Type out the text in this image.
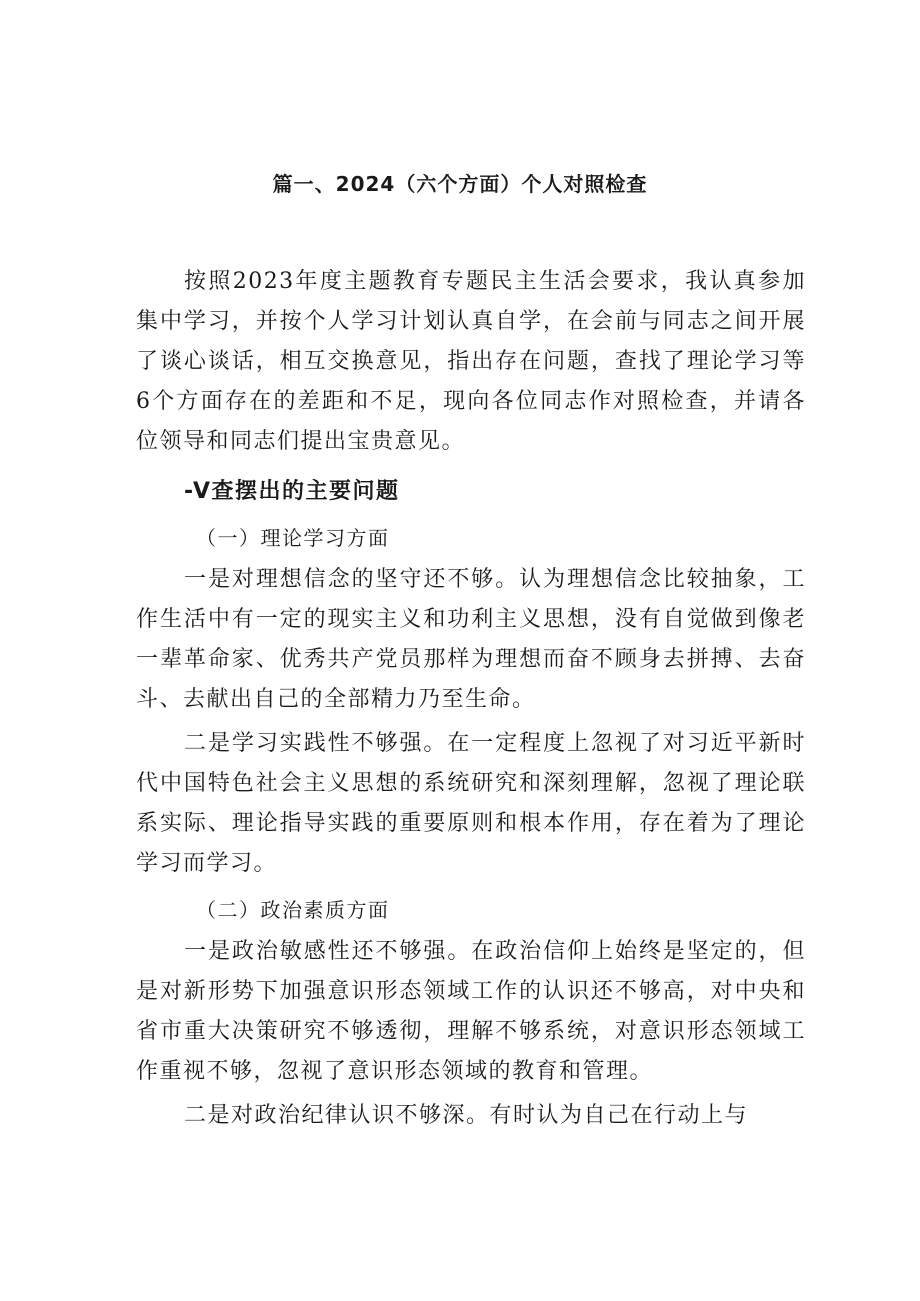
篇一、2024（六个方面）个人对照检查

按照2023年度主题教育专题民主生活会要求，我认真参加集中学习，并按个人学习计划认真自学，在会前与同志之间开展了谈心谈话，相互交换意见，指出存在问题，查找了理论学习等6个方面存在的差距和不足，现向各位同志作对照检查，并请各位领导和同志们提出宝贵意见。

-V查摆出的主要问题

（一）理论学习方面

一是对理想信念的坚守还不够。认为理想信念比较抽象，工作生活中有一定的现实主义和功利主义思想，没有自觉做到像老一辈革命家、优秀共产党员那样为理想而奋不顾身去拼搏、去奋斗、去献出自己的全部精力乃至生命。

二是学习实践性不够强。在一定程度上忽视了对习近平新时代中国特色社会主义思想的系统研究和深刻理解，忽视了理论联系实际、理论指导实践的重要原则和根本作用，存在着为了理论学习而学习。

（二）政治素质方面

一是政治敏感性还不够强。在政治信仰上始终是坚定的，但是对新形势下加强意识形态领域工作的认识还不够高，对中央和省市重大决策研究不够透彻，理解不够系统，对意识形态领域工作重视不够，忽视了意识形态领域的教育和管理。

二是对政治纪律认识不够深。有时认为自己在行动上与
